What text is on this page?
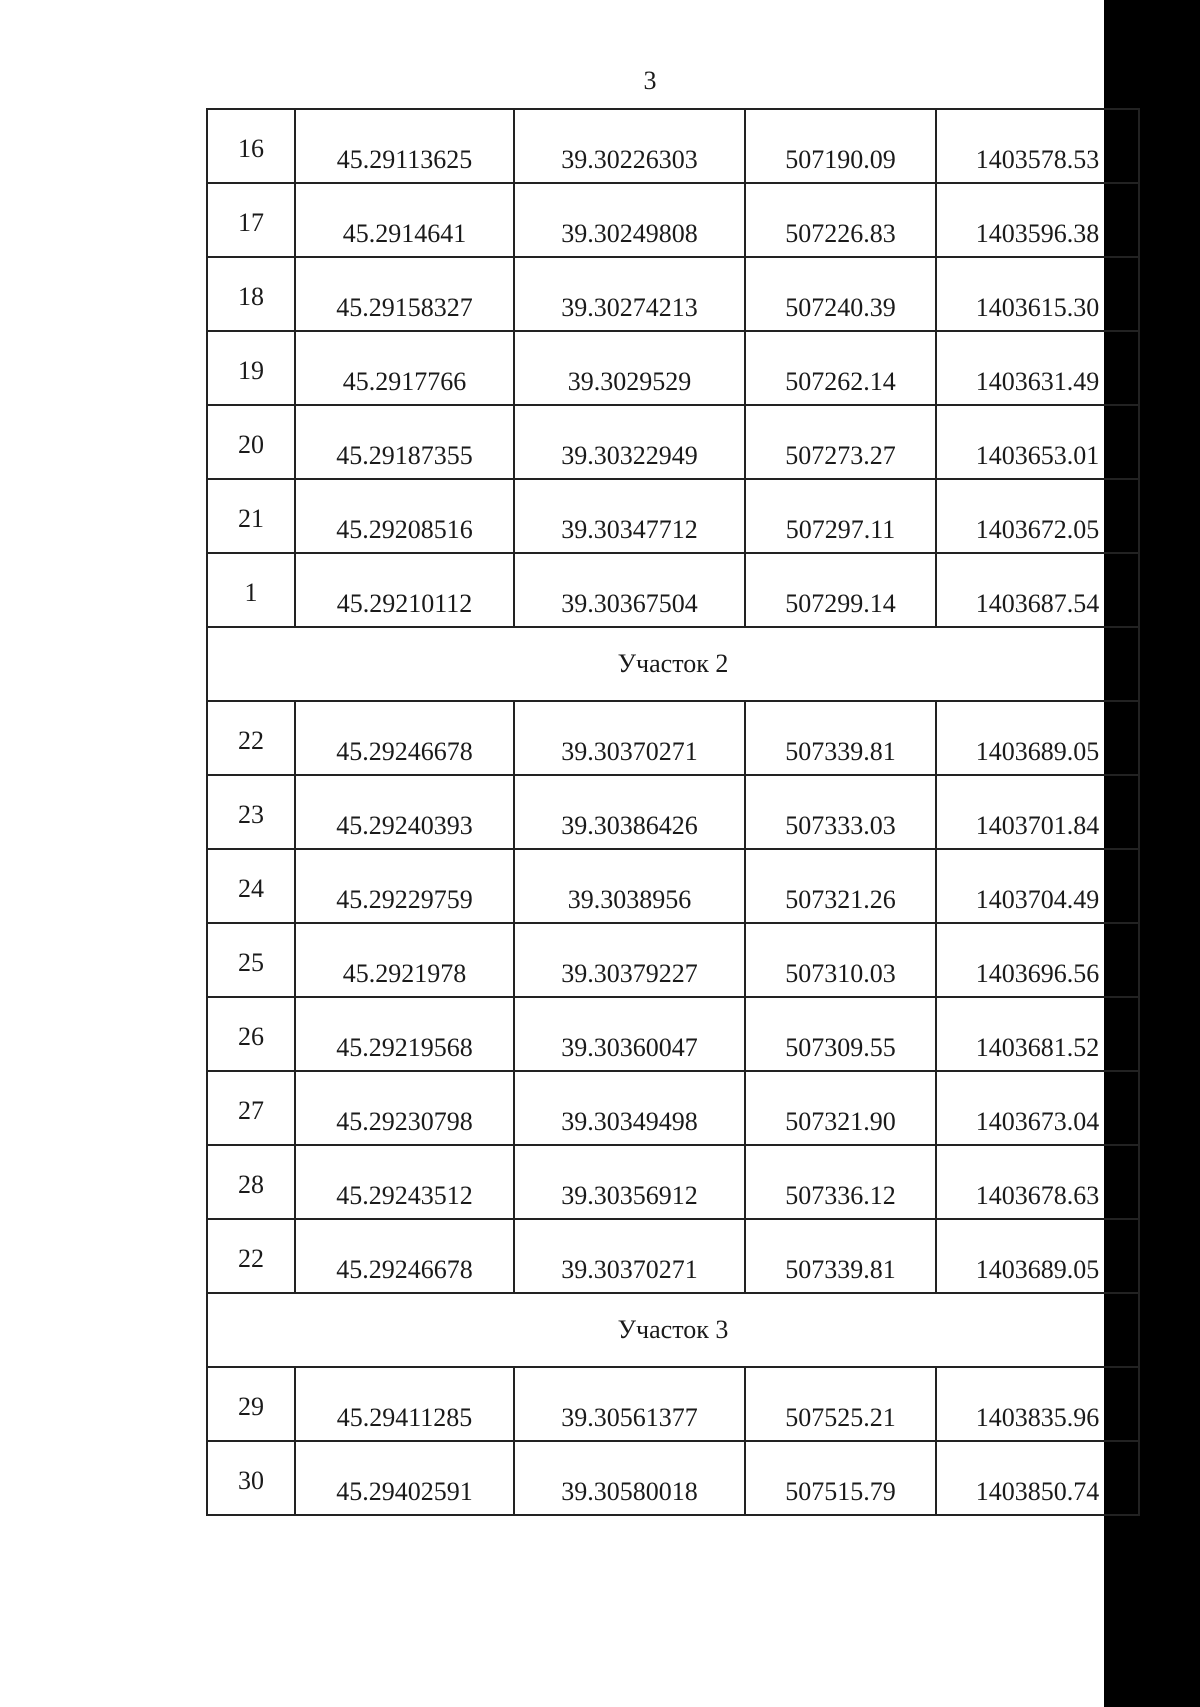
3
16	45.29113625	39.30226303	507190.09	1403578.53

17	45.2914641	39.30249808	507226.83	1403596.38

18	45.29158327	39.30274213	507240.39	1403615.30

19	45.2917766	39.3029529	507262.14	1403631.49

20	45.29187355	39.30322949	507273.27	1403653.01

21	45.29208516	39.30347712	507297.11	1403672.05

1	45.29210112	39.30367504	507299.14	1403687.54

Участок 2				

22	45.29246678	39.30370271	507339.81	1403689.05

23	45.29240393	39.30386426	507333.03	1403701.84

24	45.29229759	39.3038956	507321.26	1403704.49

25	45.2921978	39.30379227	507310.03	1403696.56

26	45.29219568	39.30360047	507309.55	1403681.52

27	45.29230798	39.30349498	507321.90	1403673.04

28	45.29243512	39.30356912	507336.12	1403678.63

22	45.29246678	39.30370271	507339.81	1403689.05

Участок 3				

29	45.29411285	39.30561377	507525.21	1403835.96

30	45.29402591	39.30580018	507515.79	1403850.74
